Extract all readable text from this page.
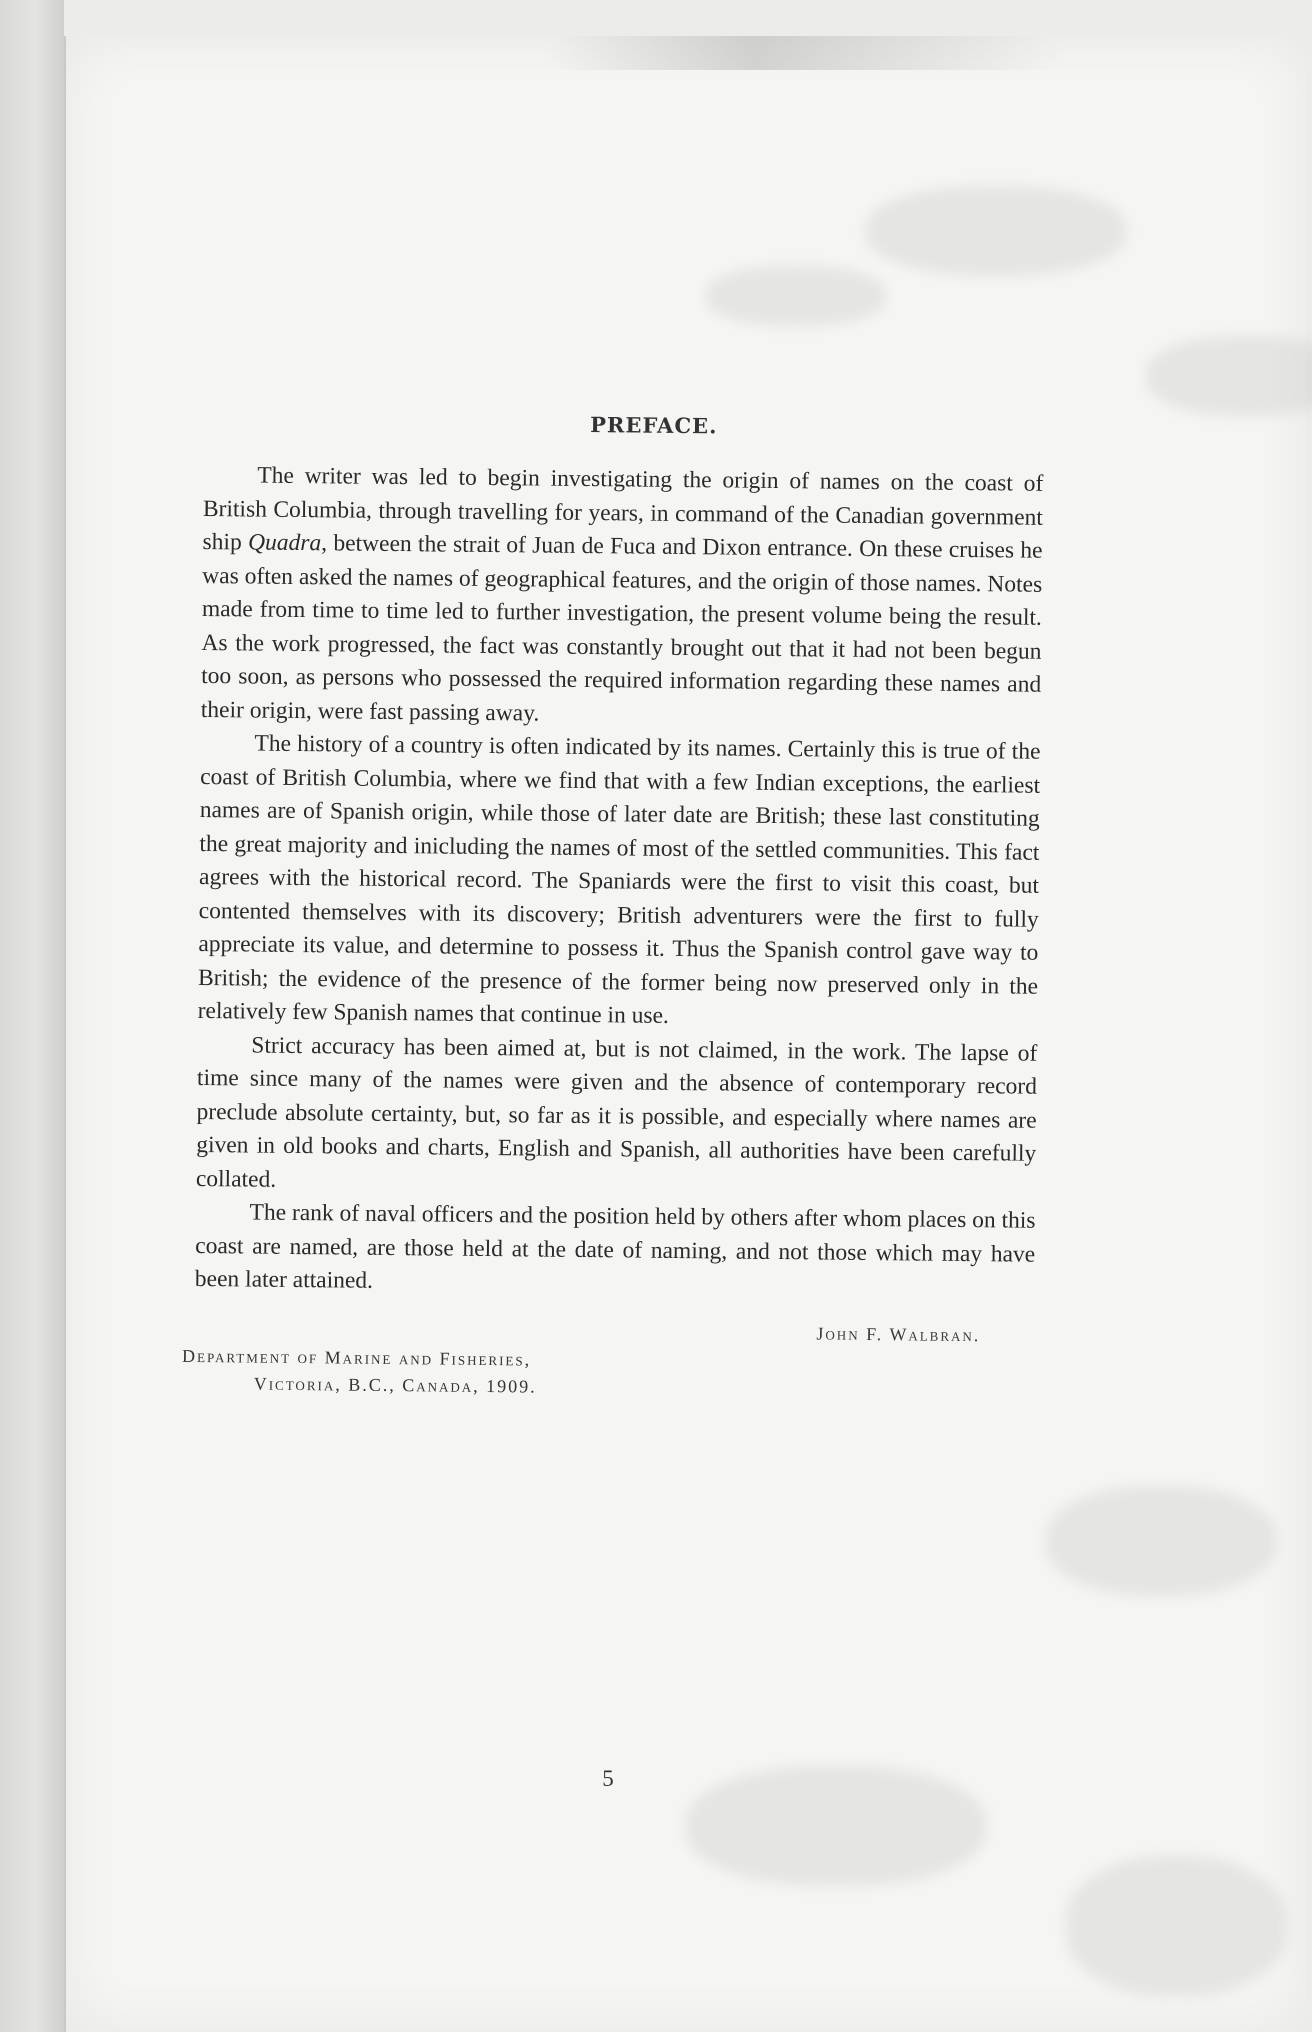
PREFACE.

The writer was led to begin investigating the origin of names on the coast of British Columbia, through travelling for years, in command of the Canadian government ship Quadra, between the strait of Juan de Fuca and Dixon entrance. On these cruises he was often asked the names of geographical features, and the origin of those names. Notes made from time to time led to further investigation, the present volume being the result. As the work progressed, the fact was constantly brought out that it had not been begun too soon, as persons who possessed the required information regarding these names and their origin, were fast passing away.

The history of a country is often indicated by its names. Certainly this is true of the coast of British Columbia, where we find that with a few Indian exceptions, the earliest names are of Spanish origin, while those of later date are British; these last constituting the great majority and inicluding the names of most of the settled communities. This fact agrees with the historical record. The Spaniards were the first to visit this coast, but contented themselves with its discovery; British adventurers were the first to fully appreciate its value, and determine to possess it. Thus the Spanish control gave way to British; the evidence of the presence of the former being now preserved only in the relatively few Spanish names that continue in use.

Strict accuracy has been aimed at, but is not claimed, in the work. The lapse of time since many of the names were given and the absence of contemporary record preclude absolute certainty, but, so far as it is possible, and especially where names are given in old books and charts, English and Spanish, all authorities have been carefully collated.

The rank of naval officers and the position held by others after whom places on this coast are named, are those held at the date of naming, and not those which may have been later attained.

John F. Walbran.
Department of Marine and Fisheries,
Victoria, B.C., Canada, 1909.
5
